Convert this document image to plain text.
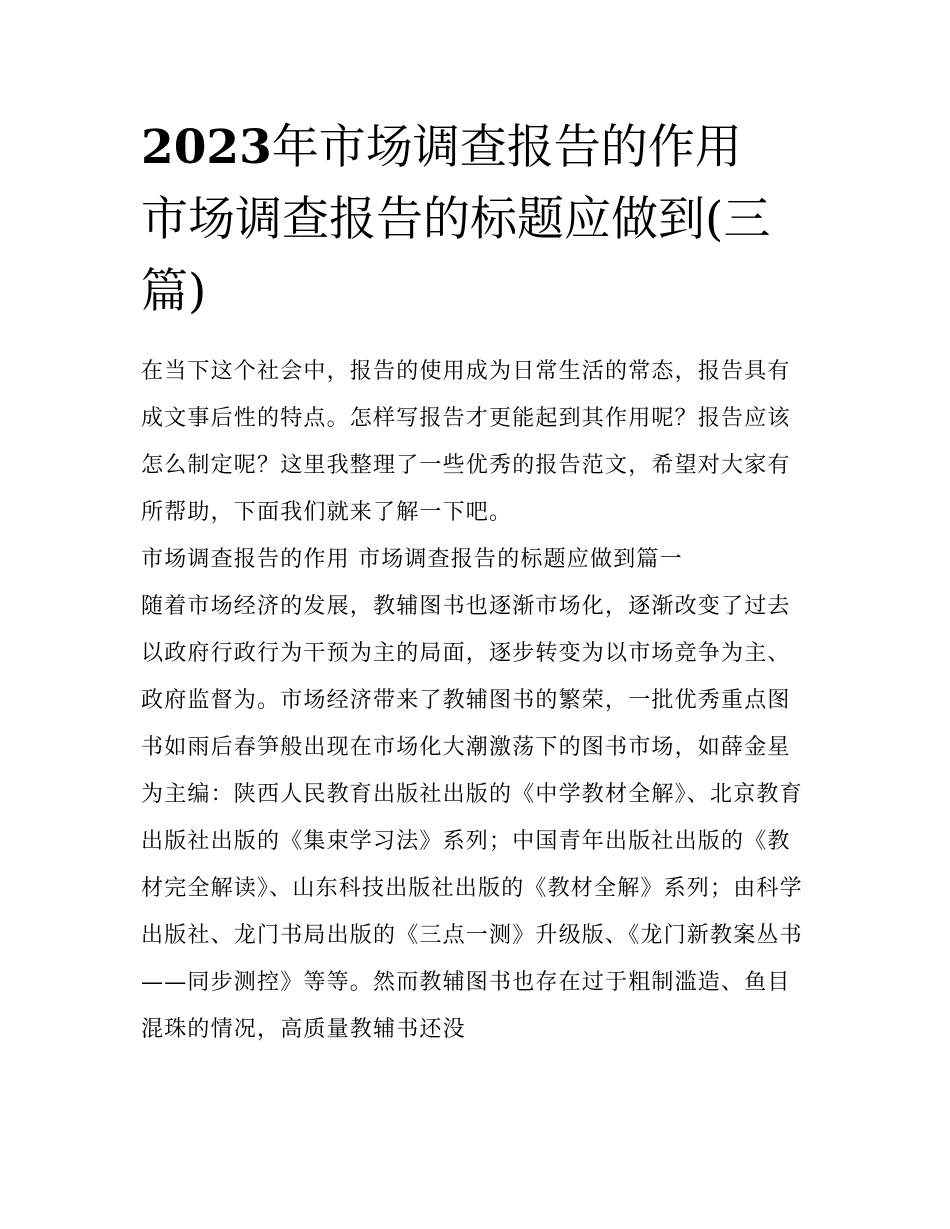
2023年市场调查报告的作用
市场调查报告的标题应做到(三
篇)

在当下这个社会中，报告的使用成为日常生活的常态，报告具有成文事后性的特点。怎样写报告才更能起到其作用呢？报告应该怎么制定呢？这里我整理了一些优秀的报告范文，希望对大家有所帮助，下面我们就来了解一下吧。

市场调查报告的作用 市场调查报告的标题应做到篇一

随着市场经济的发展，教辅图书也逐渐市场化，逐渐改变了过去以政府行政行为干预为主的局面，逐步转变为以市场竞争为主、政府监督为。市场经济带来了教辅图书的繁荣，一批优秀重点图书如雨后春笋般出现在市场化大潮激荡下的图书市场，如薛金星为主编：陕西人民教育出版社出版的《中学教材全解》、北京教育出版社出版的《集束学习法》系列；中国青年出版社出版的《教材完全解读》、山东科技出版社出版的《教材全解》系列；由科学出版社、龙门书局出版的《三点一测》升级版、《龙门新教案丛书——同步测控》等等。然而教辅图书也存在过于粗制滥造、鱼目混珠的情况，高质量教辅书还没
